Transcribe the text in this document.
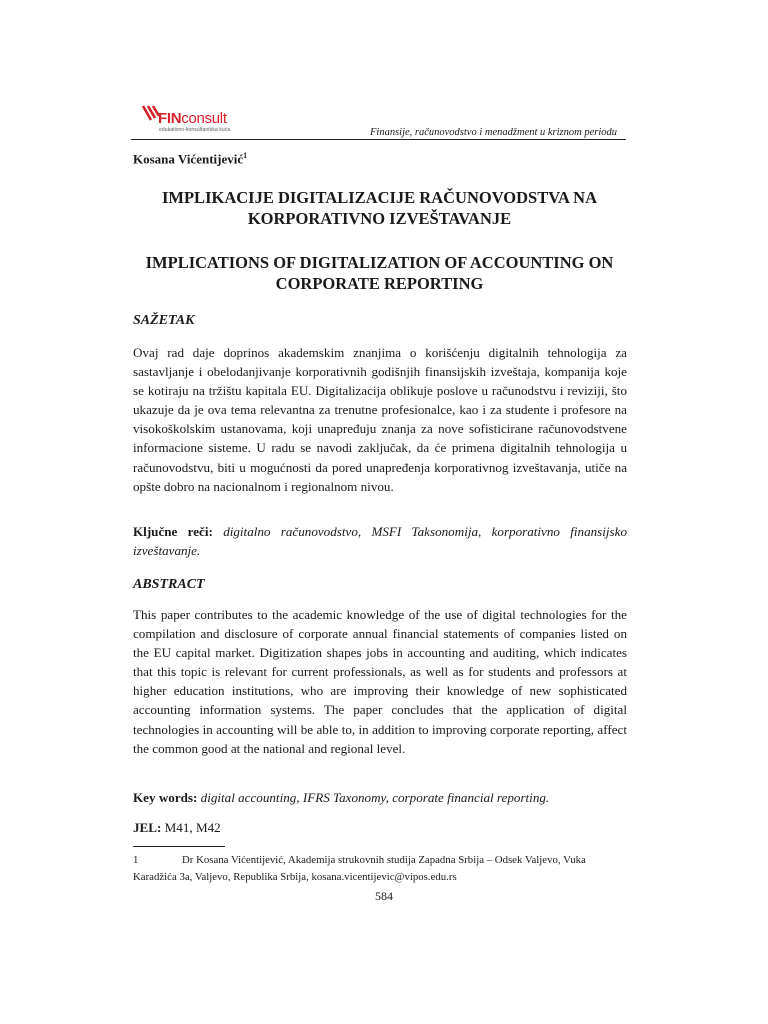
FINconsult
edukativno-konsultantska kuća	Finansije, računovodstvo i menadžment u kriznom periodu
Kosana Vićentijević$^1$
IMPLIKACIJE DIGITALIZACIJE RAČUNOVODSTVA NA KORPORATIVNO IZVEŠTAVANJE
IMPLICATIONS OF DIGITALIZATION OF ACCOUNTING ON CORPORATE REPORTING
SAŽETAK
Ovaj rad daje doprinos akademskim znanjima o korišćenju digitalnih tehnologija za sastavljanje i obelodanjivanje korporativnih godišnjih finansijskih izveštaja, kompanija koje se kotiraju na tržištu kapitala EU. Digitalizacija oblikuje poslove u računodstvu i reviziji, što ukazuje da je ova tema relevantna za trenutne profesionalce, kao i za studente i profesore na visokoškolskim ustanovama, koji unapređuju znanja za nove sofisticirane računovodstvene informacione sisteme. U radu se navodi zaključak, da će primena digitalnih tehnologija u računovodstvu, biti u mogućnosti da pored unapređenja korporativnog izveštavanja, utiče na opšte dobro na nacionalnom i regionalnom nivou.
Ključne reči: digitalno računovodstvo, MSFI Taksonomija, korporativno finansijsko izveštavanje.
ABSTRACT
This paper contributes to the academic knowledge of the use of digital technologies for the compilation and disclosure of corporate annual financial statements of companies listed on the EU capital market. Digitization shapes jobs in accounting and auditing, which indicates that this topic is relevant for current professionals, as well as for students and professors at higher education institutions, who are improving their knowledge of new sophisticated accounting information systems. The paper concludes that the application of digital technologies in accounting will be able to, in addition to improving corporate reporting, affect the common good at the national and regional level.
Key words: digital accounting, IFRS Taxonomy, corporate financial reporting.
JEL: M41, M42
1	Dr Kosana Vićentijević, Akademija strukovnih studija Zapadna Srbija – Odsek Valjevo, Vuka Karadžića 3a, Valjevo, Republika Srbija, kosana.vicentijevic@vipos.edu.rs
584
